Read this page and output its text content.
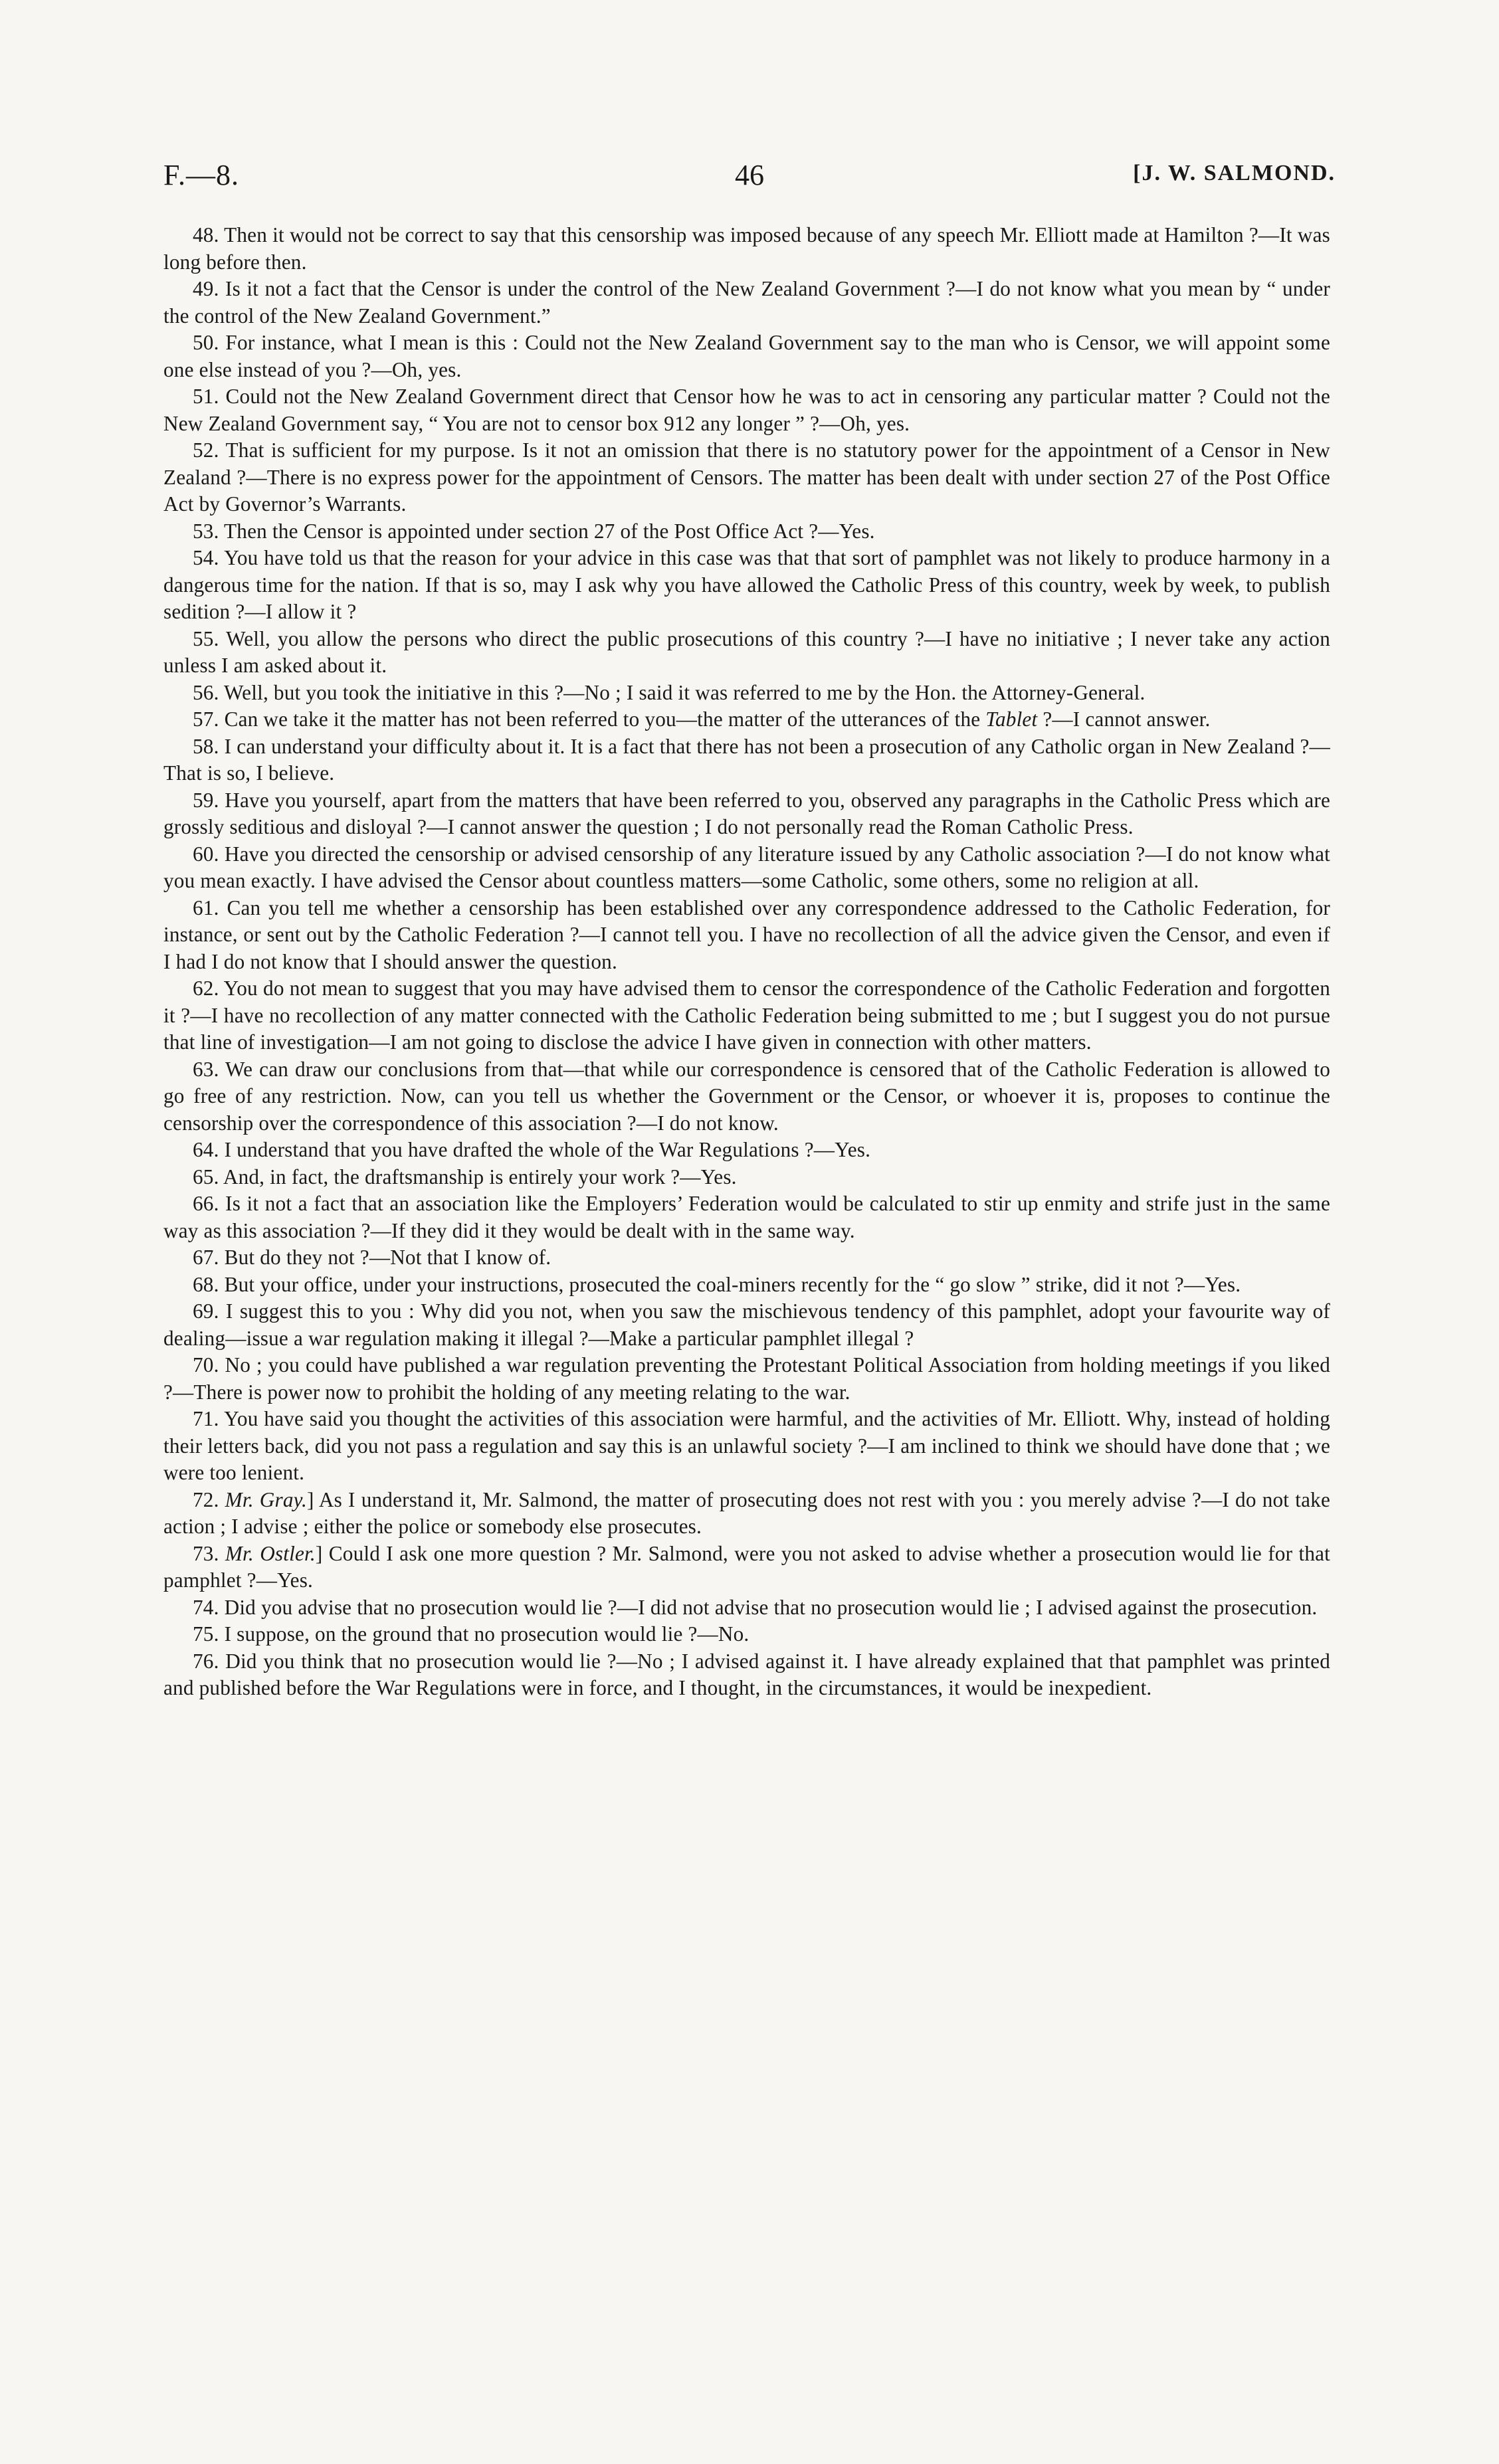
F.—8.	46	[J. W. SALMOND.

48. Then it would not be correct to say that this censorship was imposed because of any speech Mr. Elliott made at Hamilton ?—It was long before then.

49. Is it not a fact that the Censor is under the control of the New Zealand Government ?—I do not know what you mean by “ under the control of the New Zealand Government.”

50. For instance, what I mean is this : Could not the New Zealand Government say to the man who is Censor, we will appoint some one else instead of you ?—Oh, yes.

51. Could not the New Zealand Government direct that Censor how he was to act in censoring any particular matter ? Could not the New Zealand Government say, “ You are not to censor box 912 any longer ” ?—Oh, yes.

52. That is sufficient for my purpose. Is it not an omission that there is no statutory power for the appointment of a Censor in New Zealand ?—There is no express power for the appointment of Censors. The matter has been dealt with under section 27 of the Post Office Act by Governor’s Warrants.

53. Then the Censor is appointed under section 27 of the Post Office Act ?—Yes.

54. You have told us that the reason for your advice in this case was that that sort of pamphlet was not likely to produce harmony in a dangerous time for the nation. If that is so, may I ask why you have allowed the Catholic Press of this country, week by week, to publish sedition ?—I allow it ?

55. Well, you allow the persons who direct the public prosecutions of this country ?—I have no initiative ; I never take any action unless I am asked about it.

56. Well, but you took the initiative in this ?—No ; I said it was referred to me by the Hon. the Attorney-General.

57. Can we take it the matter has not been referred to you—the matter of the utterances of the Tablet ?—I cannot answer.

58. I can understand your difficulty about it. It is a fact that there has not been a prosecution of any Catholic organ in New Zealand ?—That is so, I believe.

59. Have you yourself, apart from the matters that have been referred to you, observed any paragraphs in the Catholic Press which are grossly seditious and disloyal ?—I cannot answer the question ; I do not personally read the Roman Catholic Press.

60. Have you directed the censorship or advised censorship of any literature issued by any Catholic association ?—I do not know what you mean exactly. I have advised the Censor about countless matters—some Catholic, some others, some no religion at all.

61. Can you tell me whether a censorship has been established over any correspondence addressed to the Catholic Federation, for instance, or sent out by the Catholic Federation ?—I cannot tell you. I have no recollection of all the advice given the Censor, and even if I had I do not know that I should answer the question.

62. You do not mean to suggest that you may have advised them to censor the correspondence of the Catholic Federation and forgotten it ?—I have no recollection of any matter connected with the Catholic Federation being submitted to me ; but I suggest you do not pursue that line of investigation—I am not going to disclose the advice I have given in connection with other matters.

63. We can draw our conclusions from that—that while our correspondence is censored that of the Catholic Federation is allowed to go free of any restriction. Now, can you tell us whether the Government or the Censor, or whoever it is, proposes to continue the censorship over the correspondence of this association ?—I do not know.

64. I understand that you have drafted the whole of the War Regulations ?—Yes.

65. And, in fact, the draftsmanship is entirely your work ?—Yes.

66. Is it not a fact that an association like the Employers’ Federation would be calculated to stir up enmity and strife just in the same way as this association ?—If they did it they would be dealt with in the same way.

67. But do they not ?—Not that I know of.

68. But your office, under your instructions, prosecuted the coal-miners recently for the “ go slow ” strike, did it not ?—Yes.

69. I suggest this to you : Why did you not, when you saw the mischievous tendency of this pamphlet, adopt your favourite way of dealing—issue a war regulation making it illegal ?—Make a particular pamphlet illegal ?

70. No ; you could have published a war regulation preventing the Protestant Political Association from holding meetings if you liked ?—There is power now to prohibit the holding of any meeting relating to the war.

71. You have said you thought the activities of this association were harmful, and the activities of Mr. Elliott. Why, instead of holding their letters back, did you not pass a regulation and say this is an unlawful society ?—I am inclined to think we should have done that ; we were too lenient.

72. Mr. Gray.] As I understand it, Mr. Salmond, the matter of prosecuting does not rest with you : you merely advise ?—I do not take action ; I advise ; either the police or somebody else prosecutes.

73. Mr. Ostler.] Could I ask one more question ? Mr. Salmond, were you not asked to advise whether a prosecution would lie for that pamphlet ?—Yes.

74. Did you advise that no prosecution would lie ?—I did not advise that no prosecution would lie ; I advised against the prosecution.

75. I suppose, on the ground that no prosecution would lie ?—No.

76. Did you think that no prosecution would lie ?—No ; I advised against it. I have already explained that that pamphlet was printed and published before the War Regulations were in force, and I thought, in the circumstances, it would be inexpedient.
